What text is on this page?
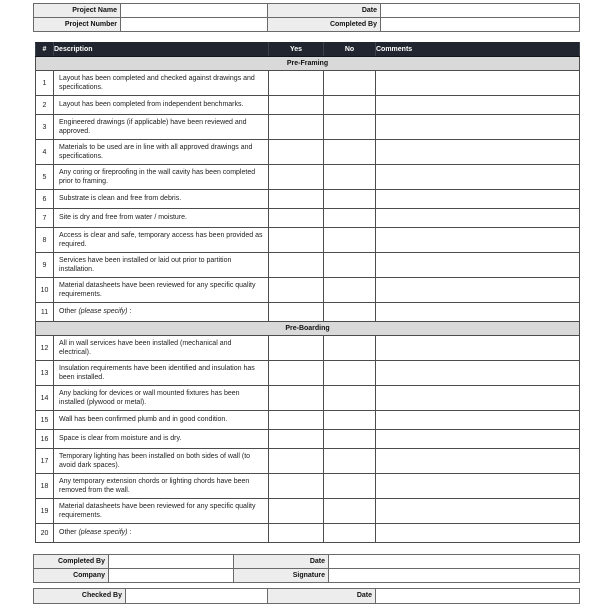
Project Name		Date	
Project Number		Completed By	
#	Description	Yes	No	Comments
Pre-Framing				
1	Layout has been completed and checked against drawings and specifications.			
2	Layout has been completed from independent benchmarks.			
3	Engineered drawings (if applicable) have been reviewed and approved.			
4	Materials to be used are in line with all approved drawings and specifications.			
5	Any coring or fireproofing in the wall cavity has been completed prior to framing.			
6	Substrate is clean and free from debris.			
7	Site is dry and free from water / moisture.			
8	Access is clear and safe, temporary access has been provided as required.			
9	Services have been installed or laid out prior to partition installation.			
10	Material datasheets have been reviewed for any specific quality requirements.			
11	Other (please specify) :			
Pre-Boarding				
12	All in wall services have been installed (mechanical and electrical).			
13	Insulation requirements have been identified and insulation has been installed.			
14	Any backing for devices or wall mounted fixtures has been installed (plywood or metal).			
15	Wall has been confirmed plumb and in good condition.			
16	Space is clear from moisture and is dry.			
17	Temporary lighting has been installed on both sides of wall (to avoid dark spaces).			
18	Any temporary extension chords or lighting chords have been removed from the wall.			
19	Material datasheets have been reviewed for any specific quality requirements.			
20	Other (please specify) :			
Completed By		Date	
Company		Signature	
Checked By		Date	
